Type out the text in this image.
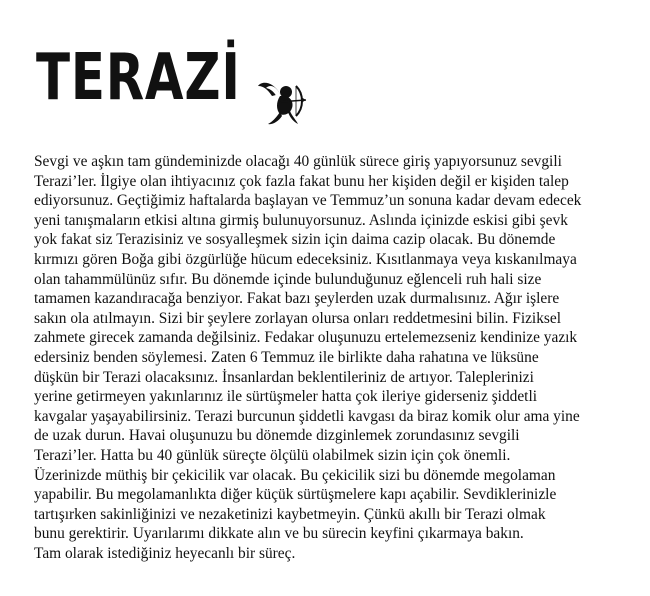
TERAZİ
Sevgi ve aşkın tam gündeminizde olacağı 40 günlük sürece giriş yapıyorsunuz sevgili
Terazi’ler. İlgiye olan ihtiyacınız çok fazla fakat bunu her kişiden değil er kişiden talep
ediyorsunuz. Geçtiğimiz haftalarda başlayan ve Temmuz’un sonuna kadar devam edecek
yeni tanışmaların etkisi altına girmiş bulunuyorsunuz. Aslında içinizde eskisi gibi şevk
yok fakat siz Terazisiniz ve sosyalleşmek sizin için daima cazip olacak. Bu dönemde
kırmızı gören Boğa gibi özgürlüğe hücum edeceksiniz. Kısıtlanmaya veya kıskanılmaya
olan tahammülünüz sıfır. Bu dönemde içinde bulunduğunuz eğlenceli ruh hali size
tamamen kazandıracağa benziyor. Fakat bazı şeylerden uzak durmalısınız. Ağır işlere
sakın ola atılmayın. Sizi bir şeylere zorlayan olursa onları reddetmesini bilin. Fiziksel
zahmete girecek zamanda değilsiniz. Fedakar oluşunuzu ertelemezseniz kendinize yazık
edersiniz benden söylemesi. Zaten 6 Temmuz ile birlikte daha rahatına ve lüksüne
düşkün bir Terazi olacaksınız. İnsanlardan beklentileriniz de artıyor. Taleplerinizi
yerine getirmeyen yakınlarınız ile sürtüşmeler hatta çok ileriye giderseniz şiddetli
kavgalar yaşayabilirsiniz. Terazi burcunun şiddetli kavgası da biraz komik olur ama yine
de uzak durun. Havai oluşunuzu bu dönemde dizginlemek zorundasınız sevgili
Terazi’ler. Hatta bu 40 günlük süreçte ölçülü olabilmek sizin için çok önemli.
Üzerinizde müthiş bir çekicilik var olacak. Bu çekicilik sizi bu dönemde megolaman
yapabilir. Bu megolamanlıkta diğer küçük sürtüşmelere kapı açabilir. Sevdiklerinizle
tartışırken sakinliğinizi ve nezaketinizi kaybetmeyin. Çünkü akıllı bir Terazi olmak
bunu gerektirir. Uyarılarımı dikkate alın ve bu sürecin keyfini çıkarmaya bakın.
Tam olarak istediğiniz heyecanlı bir süreç.
